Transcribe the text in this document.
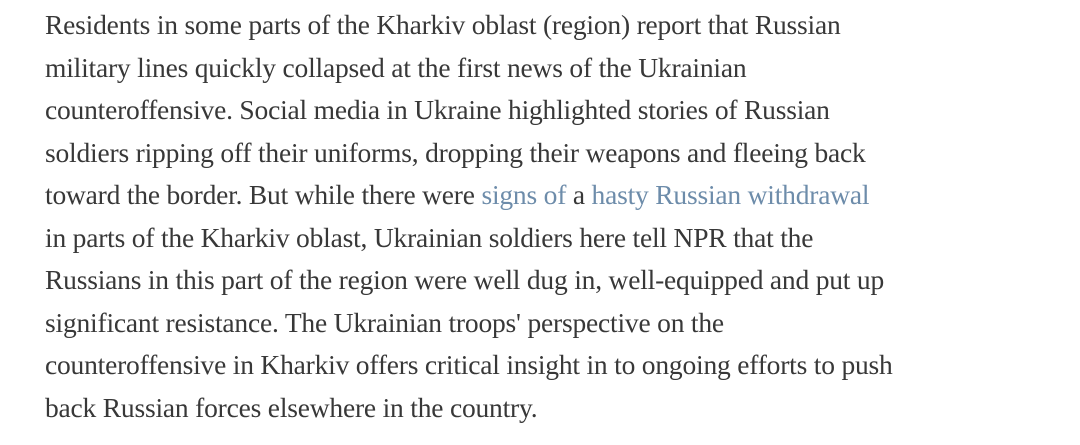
Residents in some parts of the Kharkiv oblast (region) report that Russian
military lines quickly collapsed at the first news of the Ukrainian
counteroffensive. Social media in Ukraine highlighted stories of Russian
soldiers ripping off their uniforms, dropping their weapons and fleeing back
toward the border. But while there were signs of a hasty Russian withdrawal
in parts of the Kharkiv oblast, Ukrainian soldiers here tell NPR that the
Russians in this part of the region were well dug in, well-equipped and put up
significant resistance. The Ukrainian troops' perspective on the
counteroffensive in Kharkiv offers critical insight in to ongoing efforts to push
back Russian forces elsewhere in the country.
